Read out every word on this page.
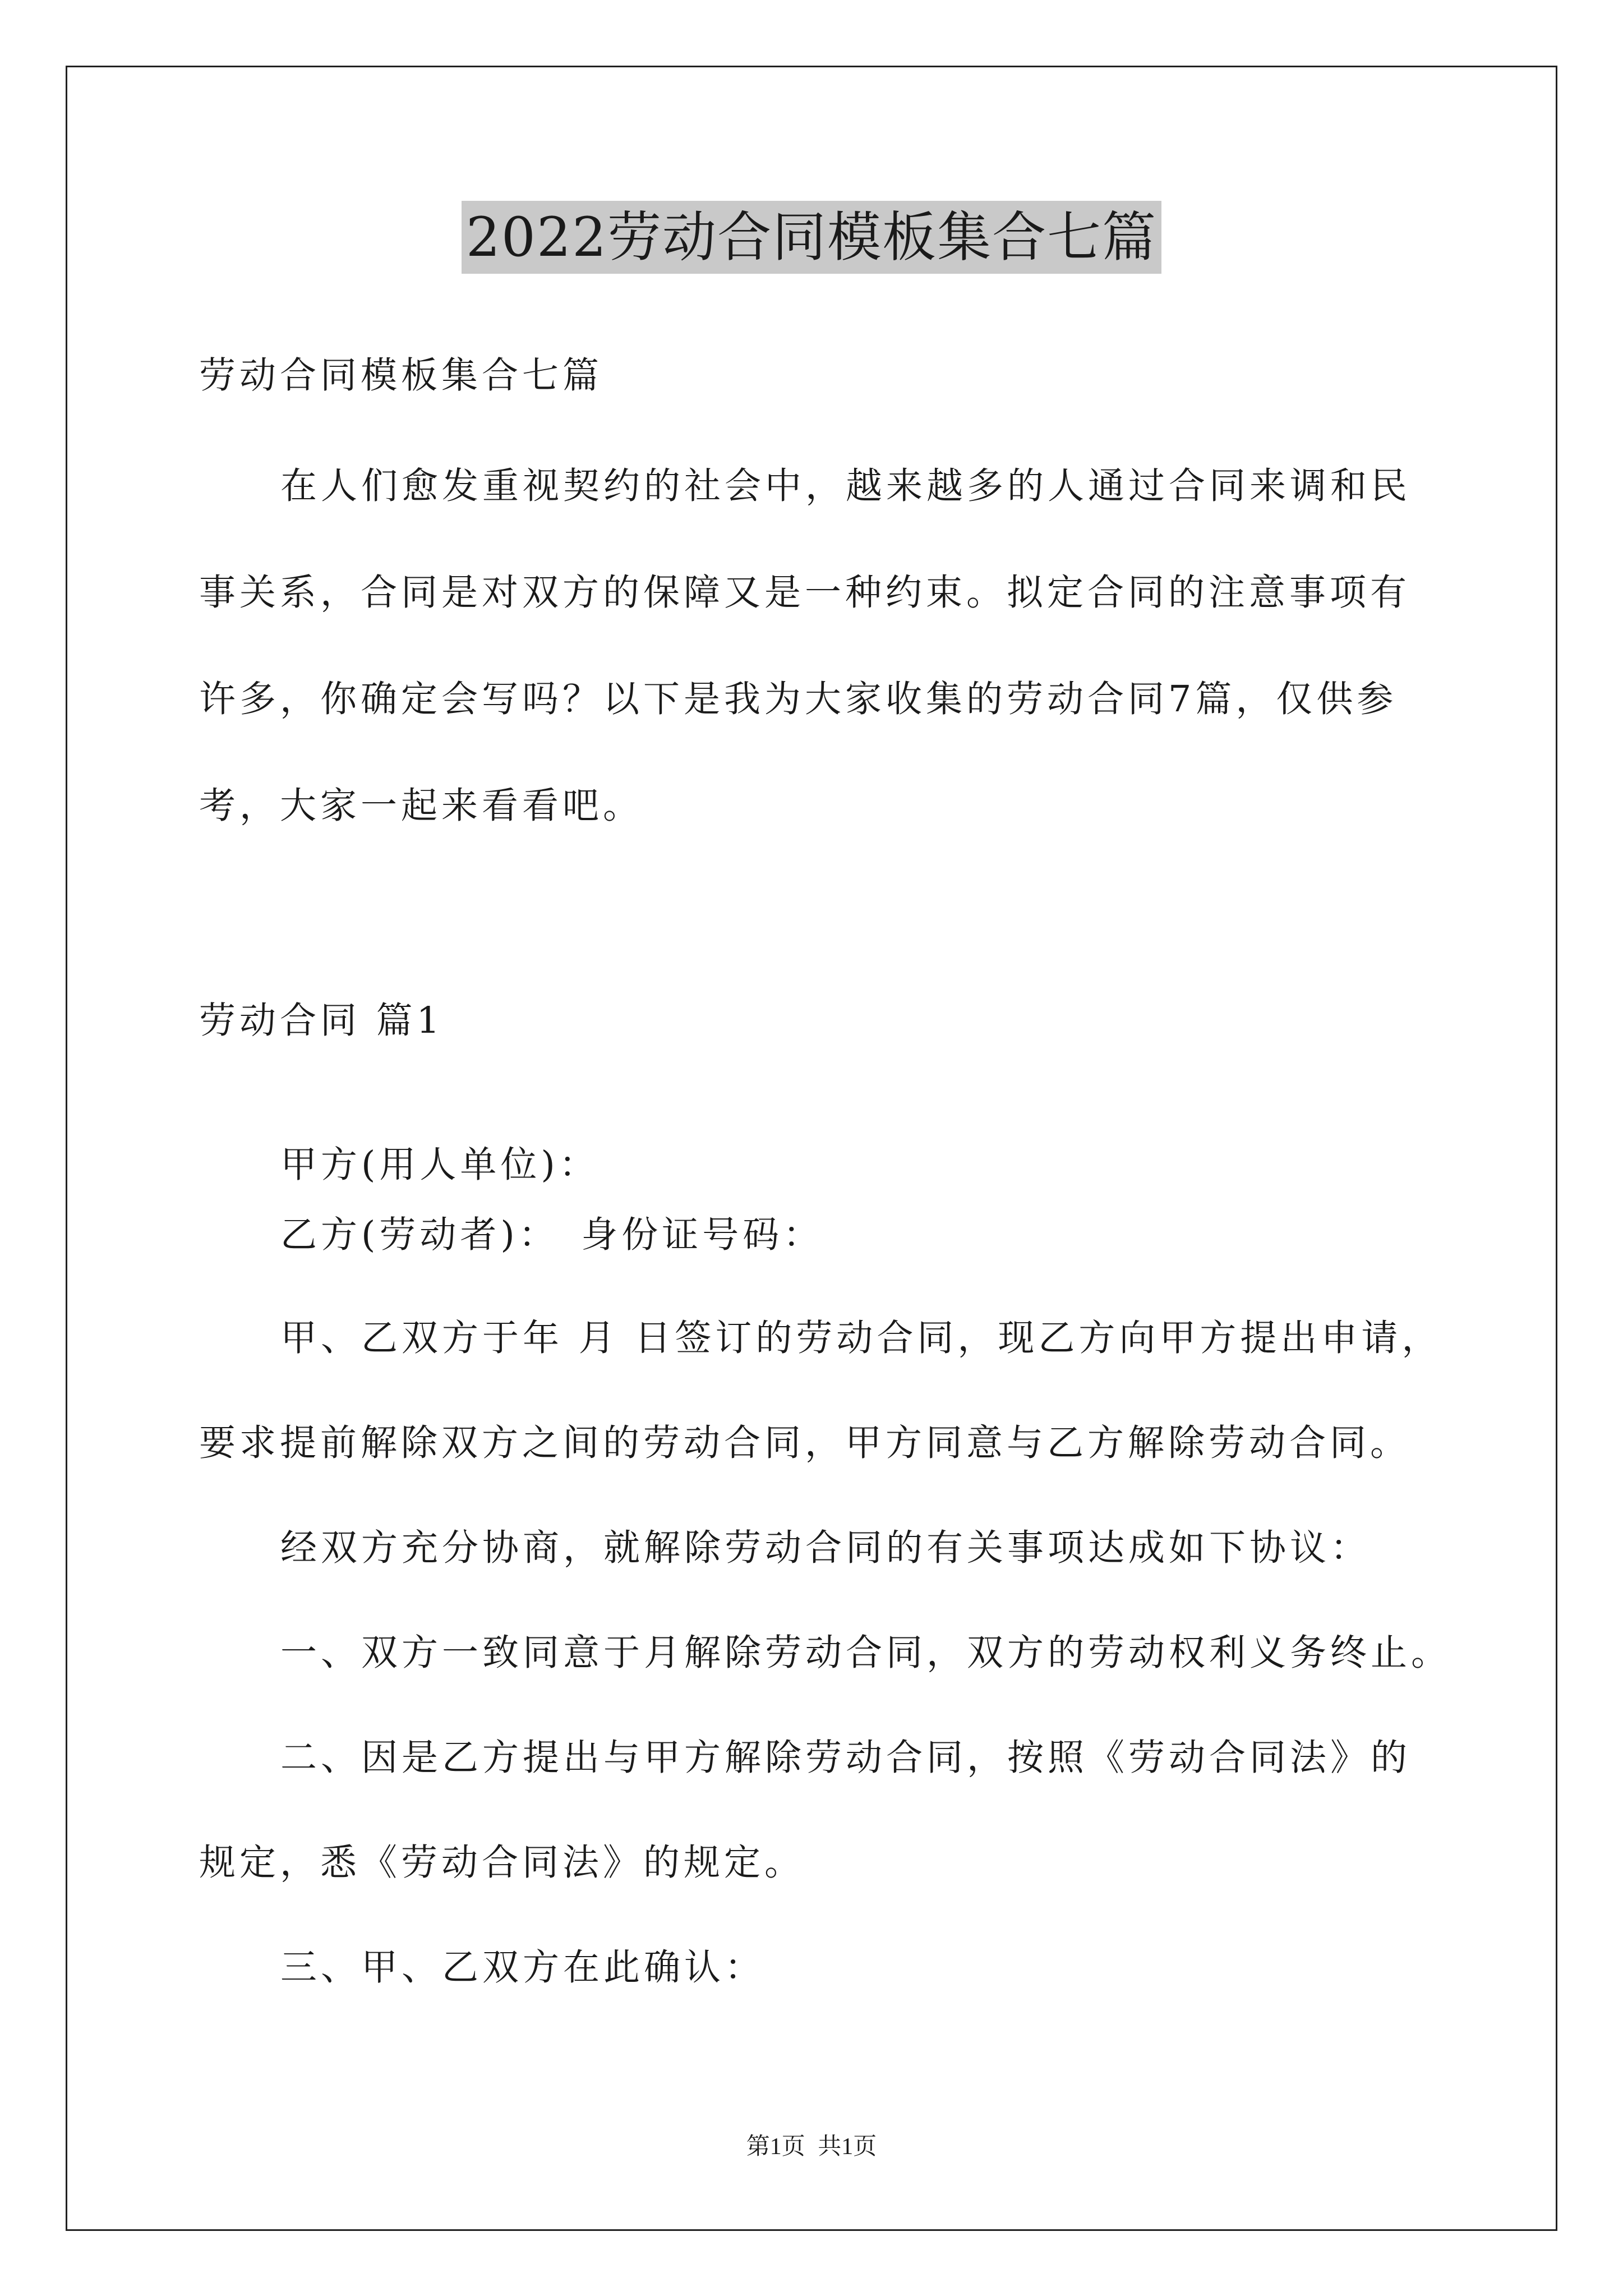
2022劳动合同模板集合七篇
劳动合同模板集合七篇
在人们愈发重视契约的社会中，越来越多的人通过合同来调和民
事关系，合同是对双方的保障又是一种约束。拟定合同的注意事项有
许多，你确定会写吗？以下是我为大家收集的劳动合同7篇，仅供参
考，大家一起来看看吧。
劳动合同 篇1
甲方(用人单位)：
乙方(劳动者)：　身份证号码：
甲、乙双方于年 月 日签订的劳动合同，现乙方向甲方提出申请，
要求提前解除双方之间的劳动合同，甲方同意与乙方解除劳动合同。
经双方充分协商，就解除劳动合同的有关事项达成如下协议：
一、双方一致同意于月解除劳动合同，双方的劳动权利义务终止。
二、因是乙方提出与甲方解除劳动合同，按照《劳动合同法》的
规定，悉《劳动合同法》的规定。
三、甲、乙双方在此确认：
第1页 共1页
